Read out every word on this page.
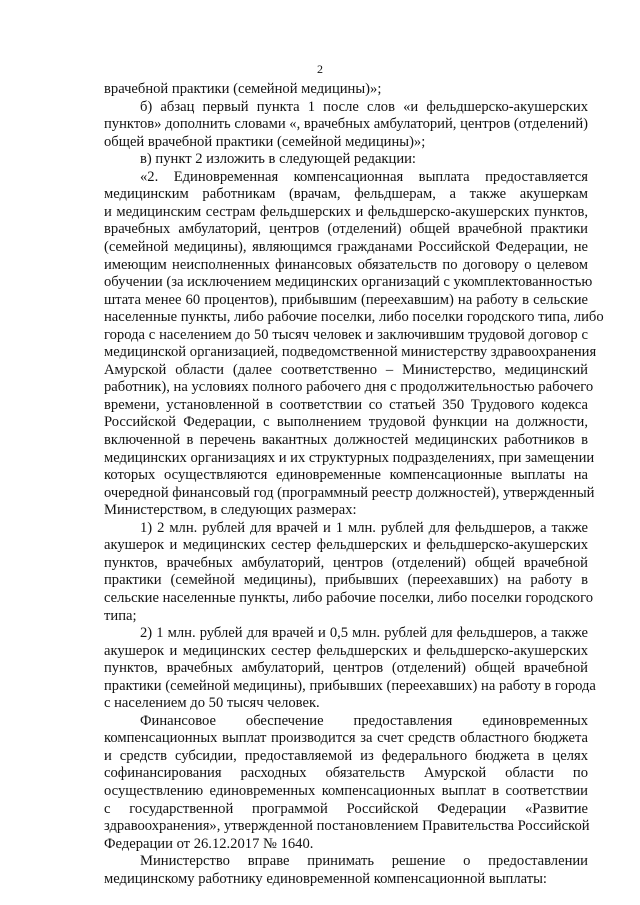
2
врачебной практики (семейной медицины)»;
б) абзац первый пункта 1 после слов «и фельдшерско-акушерских
пунктов» дополнить словами «, врачебных амбулаторий, центров (отделений)
общей врачебной практики (семейной медицины)»;
в) пункт 2 изложить в следующей редакции:
«2. Единовременная компенсационная выплата предоставляется
медицинским работникам (врачам, фельдшерам, а также акушеркам
и медицинским сестрам фельдшерских и фельдшерско-акушерских пунктов,
врачебных амбулаторий, центров (отделений) общей врачебной практики
(семейной медицины), являющимся гражданами Российской Федерации, не
имеющим неисполненных финансовых обязательств по договору о целевом
обучении (за исключением медицинских организаций с укомплектованностью
штата менее 60 процентов), прибывшим (переехавшим) на работу в сельские
населенные пункты, либо рабочие поселки, либо поселки городского типа, либо
города с населением до 50 тысяч человек и заключившим трудовой договор с
медицинской организацией, подведомственной министерству здравоохранения
Амурской области (далее соответственно – Министерство, медицинский
работник), на условиях полного рабочего дня с продолжительностью рабочего
времени, установленной в соответствии со статьей 350 Трудового кодекса
Российской Федерации, с выполнением трудовой функции на должности,
включенной в перечень вакантных должностей медицинских работников в
медицинских организациях и их структурных подразделениях, при замещении
которых осуществляются единовременные компенсационные выплаты на
очередной финансовый год (программный реестр должностей), утвержденный
Министерством, в следующих размерах:
1) 2 млн. рублей для врачей и 1 млн. рублей для фельдшеров, а также
акушерок и медицинских сестер фельдшерских и фельдшерско-акушерских
пунктов, врачебных амбулаторий, центров (отделений) общей врачебной
практики (семейной медицины), прибывших (переехавших) на работу в
сельские населенные пункты, либо рабочие поселки, либо поселки городского
типа;
2) 1 млн. рублей для врачей и 0,5 млн. рублей для фельдшеров, а также
акушерок и медицинских сестер фельдшерских и фельдшерско-акушерских
пунктов, врачебных амбулаторий, центров (отделений) общей врачебной
практики (семейной медицины), прибывших (переехавших) на работу в города
с населением до 50 тысяч человек.
Финансовое обеспечение предоставления единовременных
компенсационных выплат производится за счет средств областного бюджета
и средств субсидии, предоставляемой из федерального бюджета в целях
софинансирования расходных обязательств Амурской области по
осуществлению единовременных компенсационных выплат в соответствии
с государственной программой Российской Федерации «Развитие
здравоохранения», утвержденной постановлением Правительства Российской
Федерации от 26.12.2017 № 1640.
Министерство вправе принимать решение о предоставлении
медицинскому работнику единовременной компенсационной выплаты:
